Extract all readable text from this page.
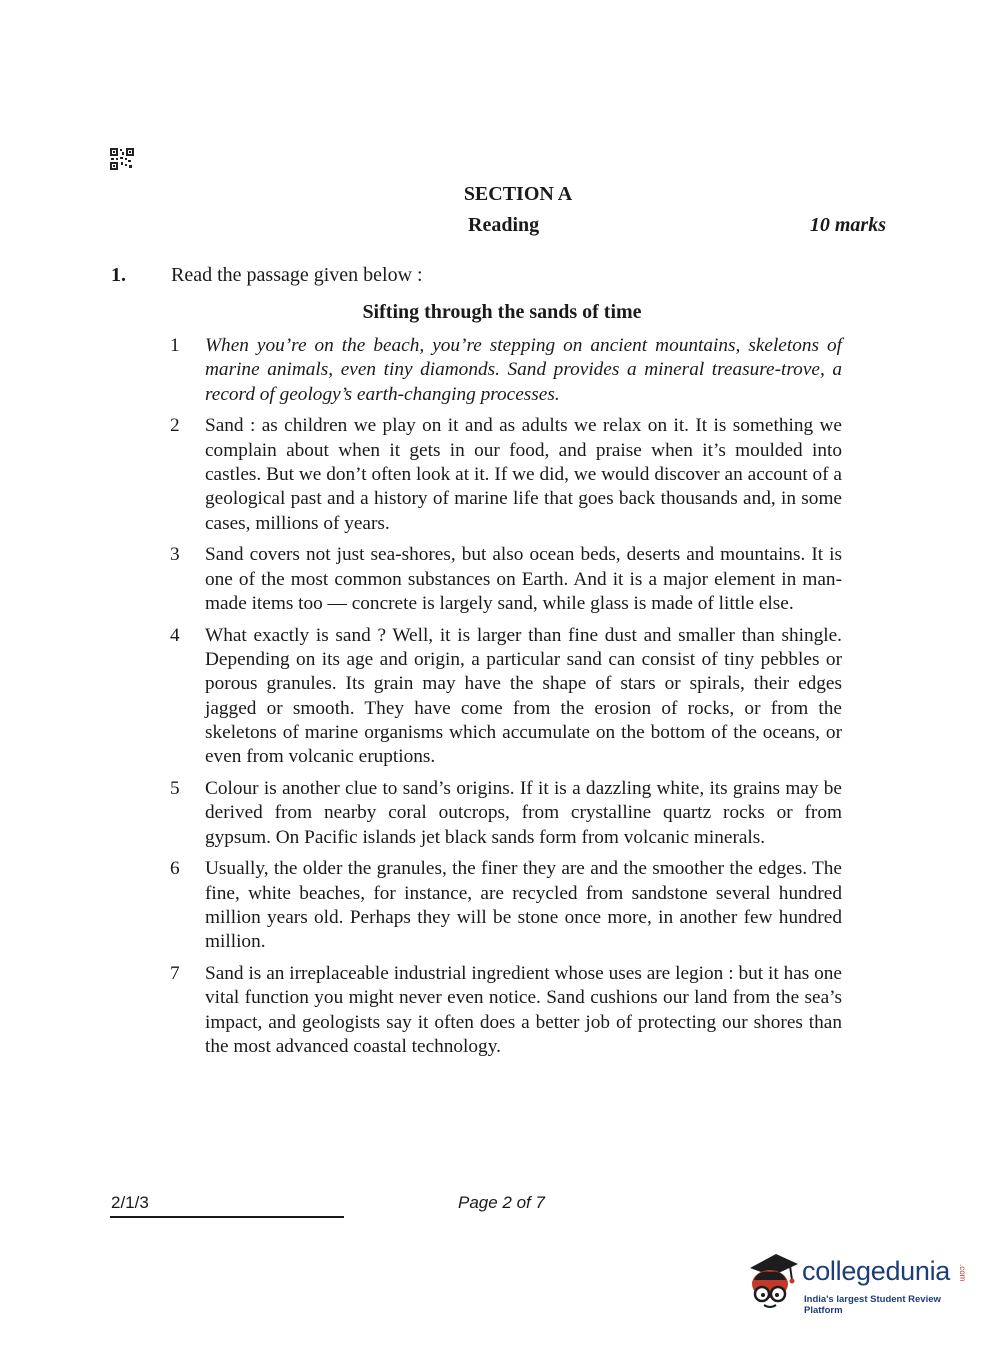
SECTION A
Reading	10 marks
1. Read the passage given below :
Sifting through the sands of time
1	When you’re on the beach, you’re stepping on ancient mountains, skeletons of marine animals, even tiny diamonds. Sand provides a mineral treasure-trove, a record of geology’s earth-changing processes.
2	Sand : as children we play on it and as adults we relax on it. It is something we complain about when it gets in our food, and praise when it’s moulded into castles. But we don’t often look at it. If we did, we would discover an account of a geological past and a history of marine life that goes back thousands and, in some cases, millions of years.
3	Sand covers not just sea-shores, but also ocean beds, deserts and mountains. It is one of the most common substances on Earth. And it is a major element in man-made items too — concrete is largely sand, while glass is made of little else.
4	What exactly is sand ? Well, it is larger than fine dust and smaller than shingle. Depending on its age and origin, a particular sand can consist of tiny pebbles or porous granules. Its grain may have the shape of stars or spirals, their edges jagged or smooth. They have come from the erosion of rocks, or from the skeletons of marine organisms which accumulate on the bottom of the oceans, or even from volcanic eruptions.
5	Colour is another clue to sand’s origins. If it is a dazzling white, its grains may be derived from nearby coral outcrops, from crystalline quartz rocks or from gypsum. On Pacific islands jet black sands form from volcanic minerals.
6	Usually, the older the granules, the finer they are and the smoother the edges. The fine, white beaches, for instance, are recycled from sandstone several hundred million years old. Perhaps they will be stone once more, in another few hundred million.
7	Sand is an irreplaceable industrial ingredient whose uses are legion : but it has one vital function you might never even notice. Sand cushions our land from the sea’s impact, and geologists say it often does a better job of protecting our shores than the most advanced coastal technology.
2/1/3	Page 2 of 7
collegedunia .com
India's largest Student Review Platform
